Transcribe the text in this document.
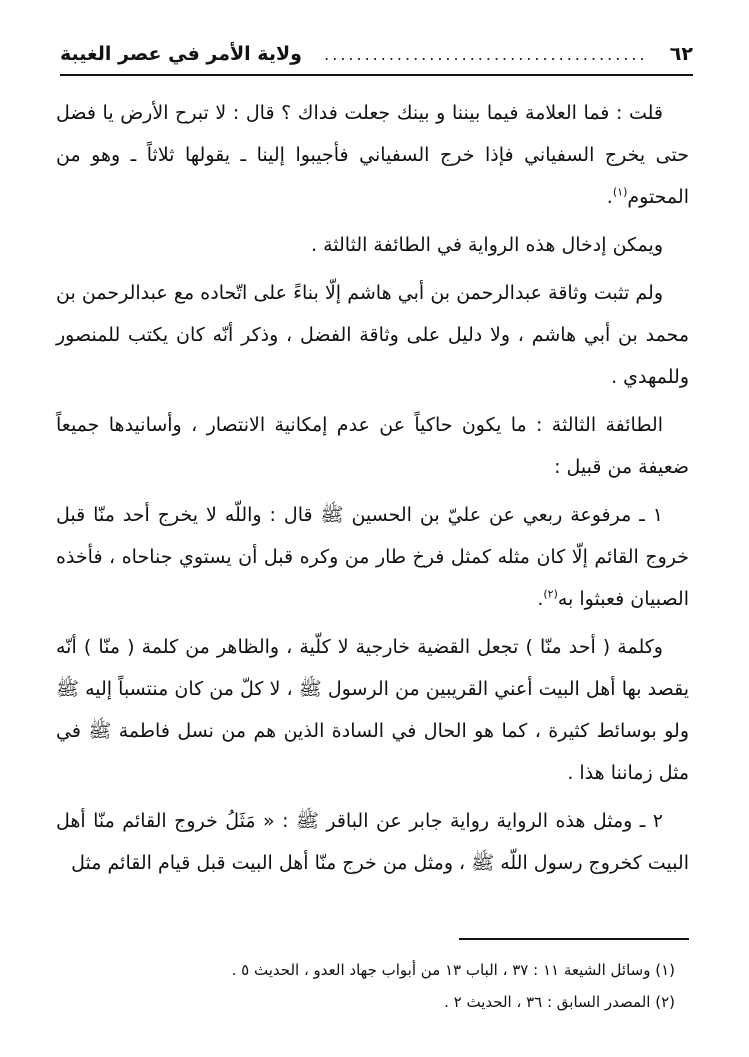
٦٢
........................................
ولاية الأمر في عصر الغيبة

قلت : فما العلامة فيما بيننا و بينك جعلت فداك ؟ قال : لا تبرح الأرض يا فضل حتى يخرج السفياني فإذا خرج السفياني فأجيبوا إلينا ـ يقولها ثلاثاً ـ وهو من المحتوم$^{(١)}$.

ويمكن إدخال هذه الرواية في الطائفة الثالثة .

ولم تثبت وثاقة عبدالرحمن بن أبي هاشم إلّا بناءً على اتّحاده مع عبدالرحمن بن محمد بن أبي هاشم ، ولا دليل على وثاقة الفضل ، وذكر أنّه كان يكتب للمنصور وللمهدي .

الطائفة الثالثة : ما يكون حاكياً عن عدم إمكانية الانتصار ، وأسانيدها جميعاً ضعيفة من قبيل :

١ ـ مرفوعة ربعي عن عليّ بن الحسين ﷺ قال : واللّه لا يخرج أحد منّا قبل خروج القائم إلّا كان مثله كمثل فرخ طار من وكره قبل أن يستوي جناحاه ، فأخذه الصبيان فعبثوا به$^{(٢)}$.

وكلمة ( أحد منّا ) تجعل القضية خارجية لا كلّية ، والظاهر من كلمة ( منّا ) أنّه يقصد بها أهل البيت أعني القريبين من الرسول ﷺ ، لا كلّ من كان منتسباً إليه ﷺ ولو بوسائط كثيرة ، كما هو الحال في السادة الذين هم من نسل فاطمة ﷺ في مثل زماننا هذا .

٢ ـ ومثل هذه الرواية رواية جابر عن الباقر ﷺ : « مَثَلُ خروج القائم منّا أهل البيت كخروج رسول اللّه ﷺ ، ومثل من خرج منّا أهل البيت قبل قيام القائم مثل

(١) وسائل الشيعة ١١ : ٣٧ ، الباب ١٣ من أبواب جهاد العدو ، الحديث ٥ .
(٢) المصدر السابق : ٣٦ ، الحديث ٢ .
